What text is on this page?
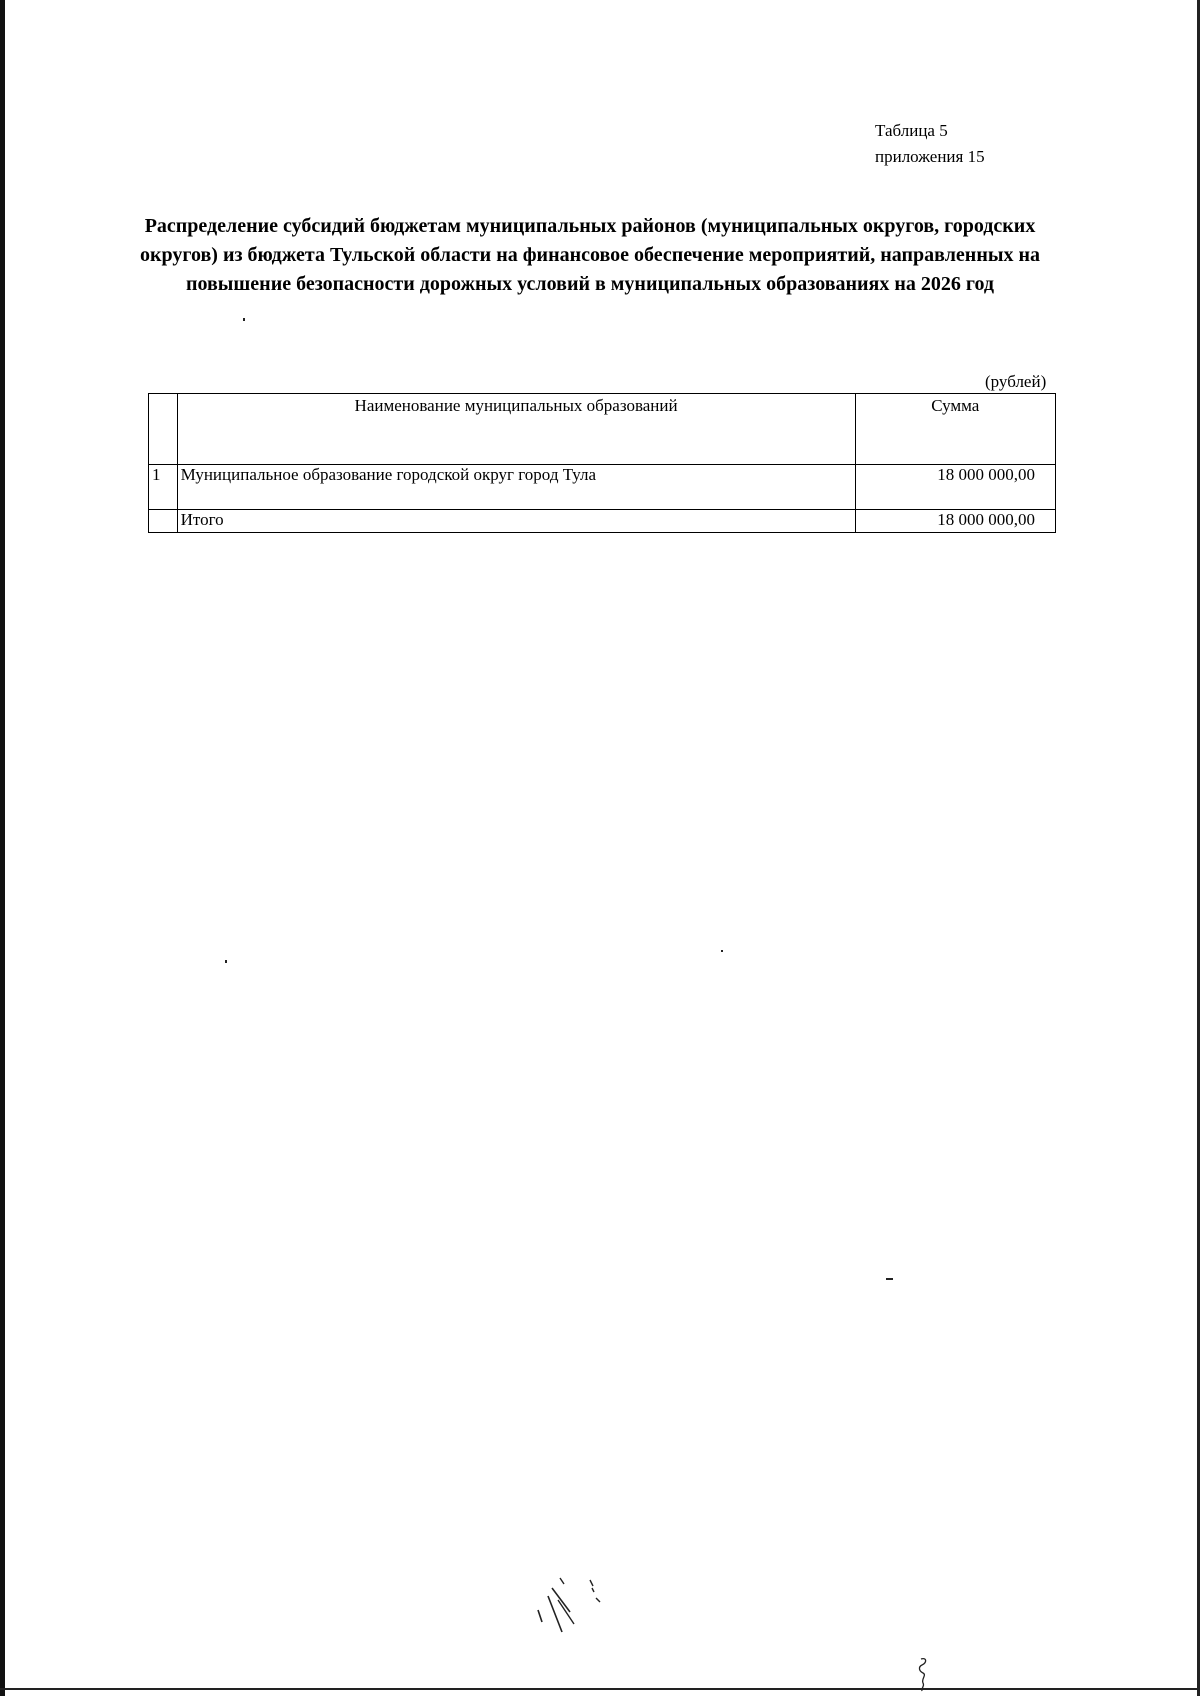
Таблица 5
приложения 15
Распределение субсидий бюджетам муниципальных районов (муниципальных округов, городских округов) из бюджета Тульской области на финансовое обеспечение мероприятий, направленных на повышение безопасности дорожных условий в муниципальных образованиях на 2026 год
(рублей)
	Наименование муниципальных образований	Сумма
1	Муниципальное образование городской округ город Тула	18 000 000,00
	Итого	18 000 000,00
